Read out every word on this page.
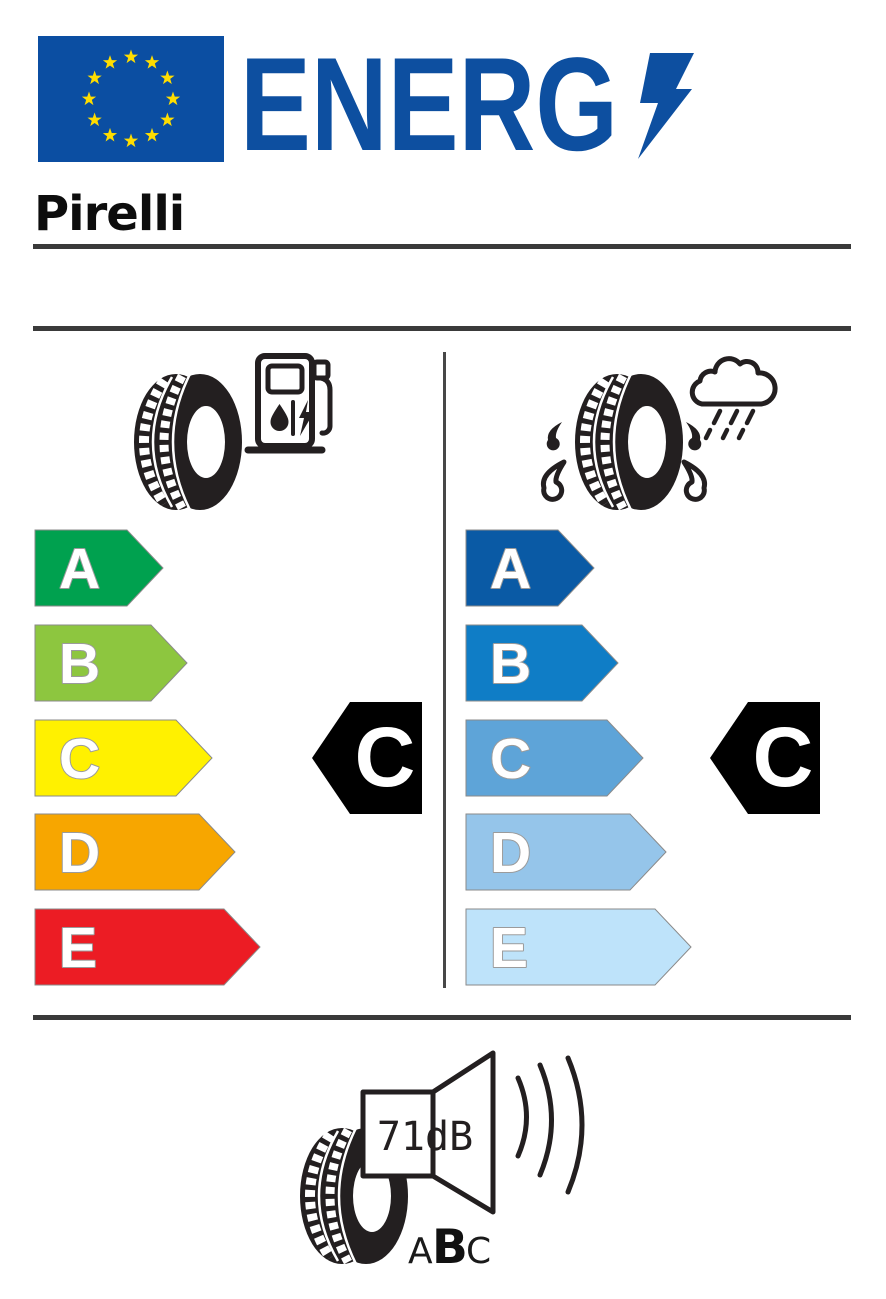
ENERG
Pirelli
A
B
C
D
E
C
A
B
C
D
E
C
71dB
A B
C
